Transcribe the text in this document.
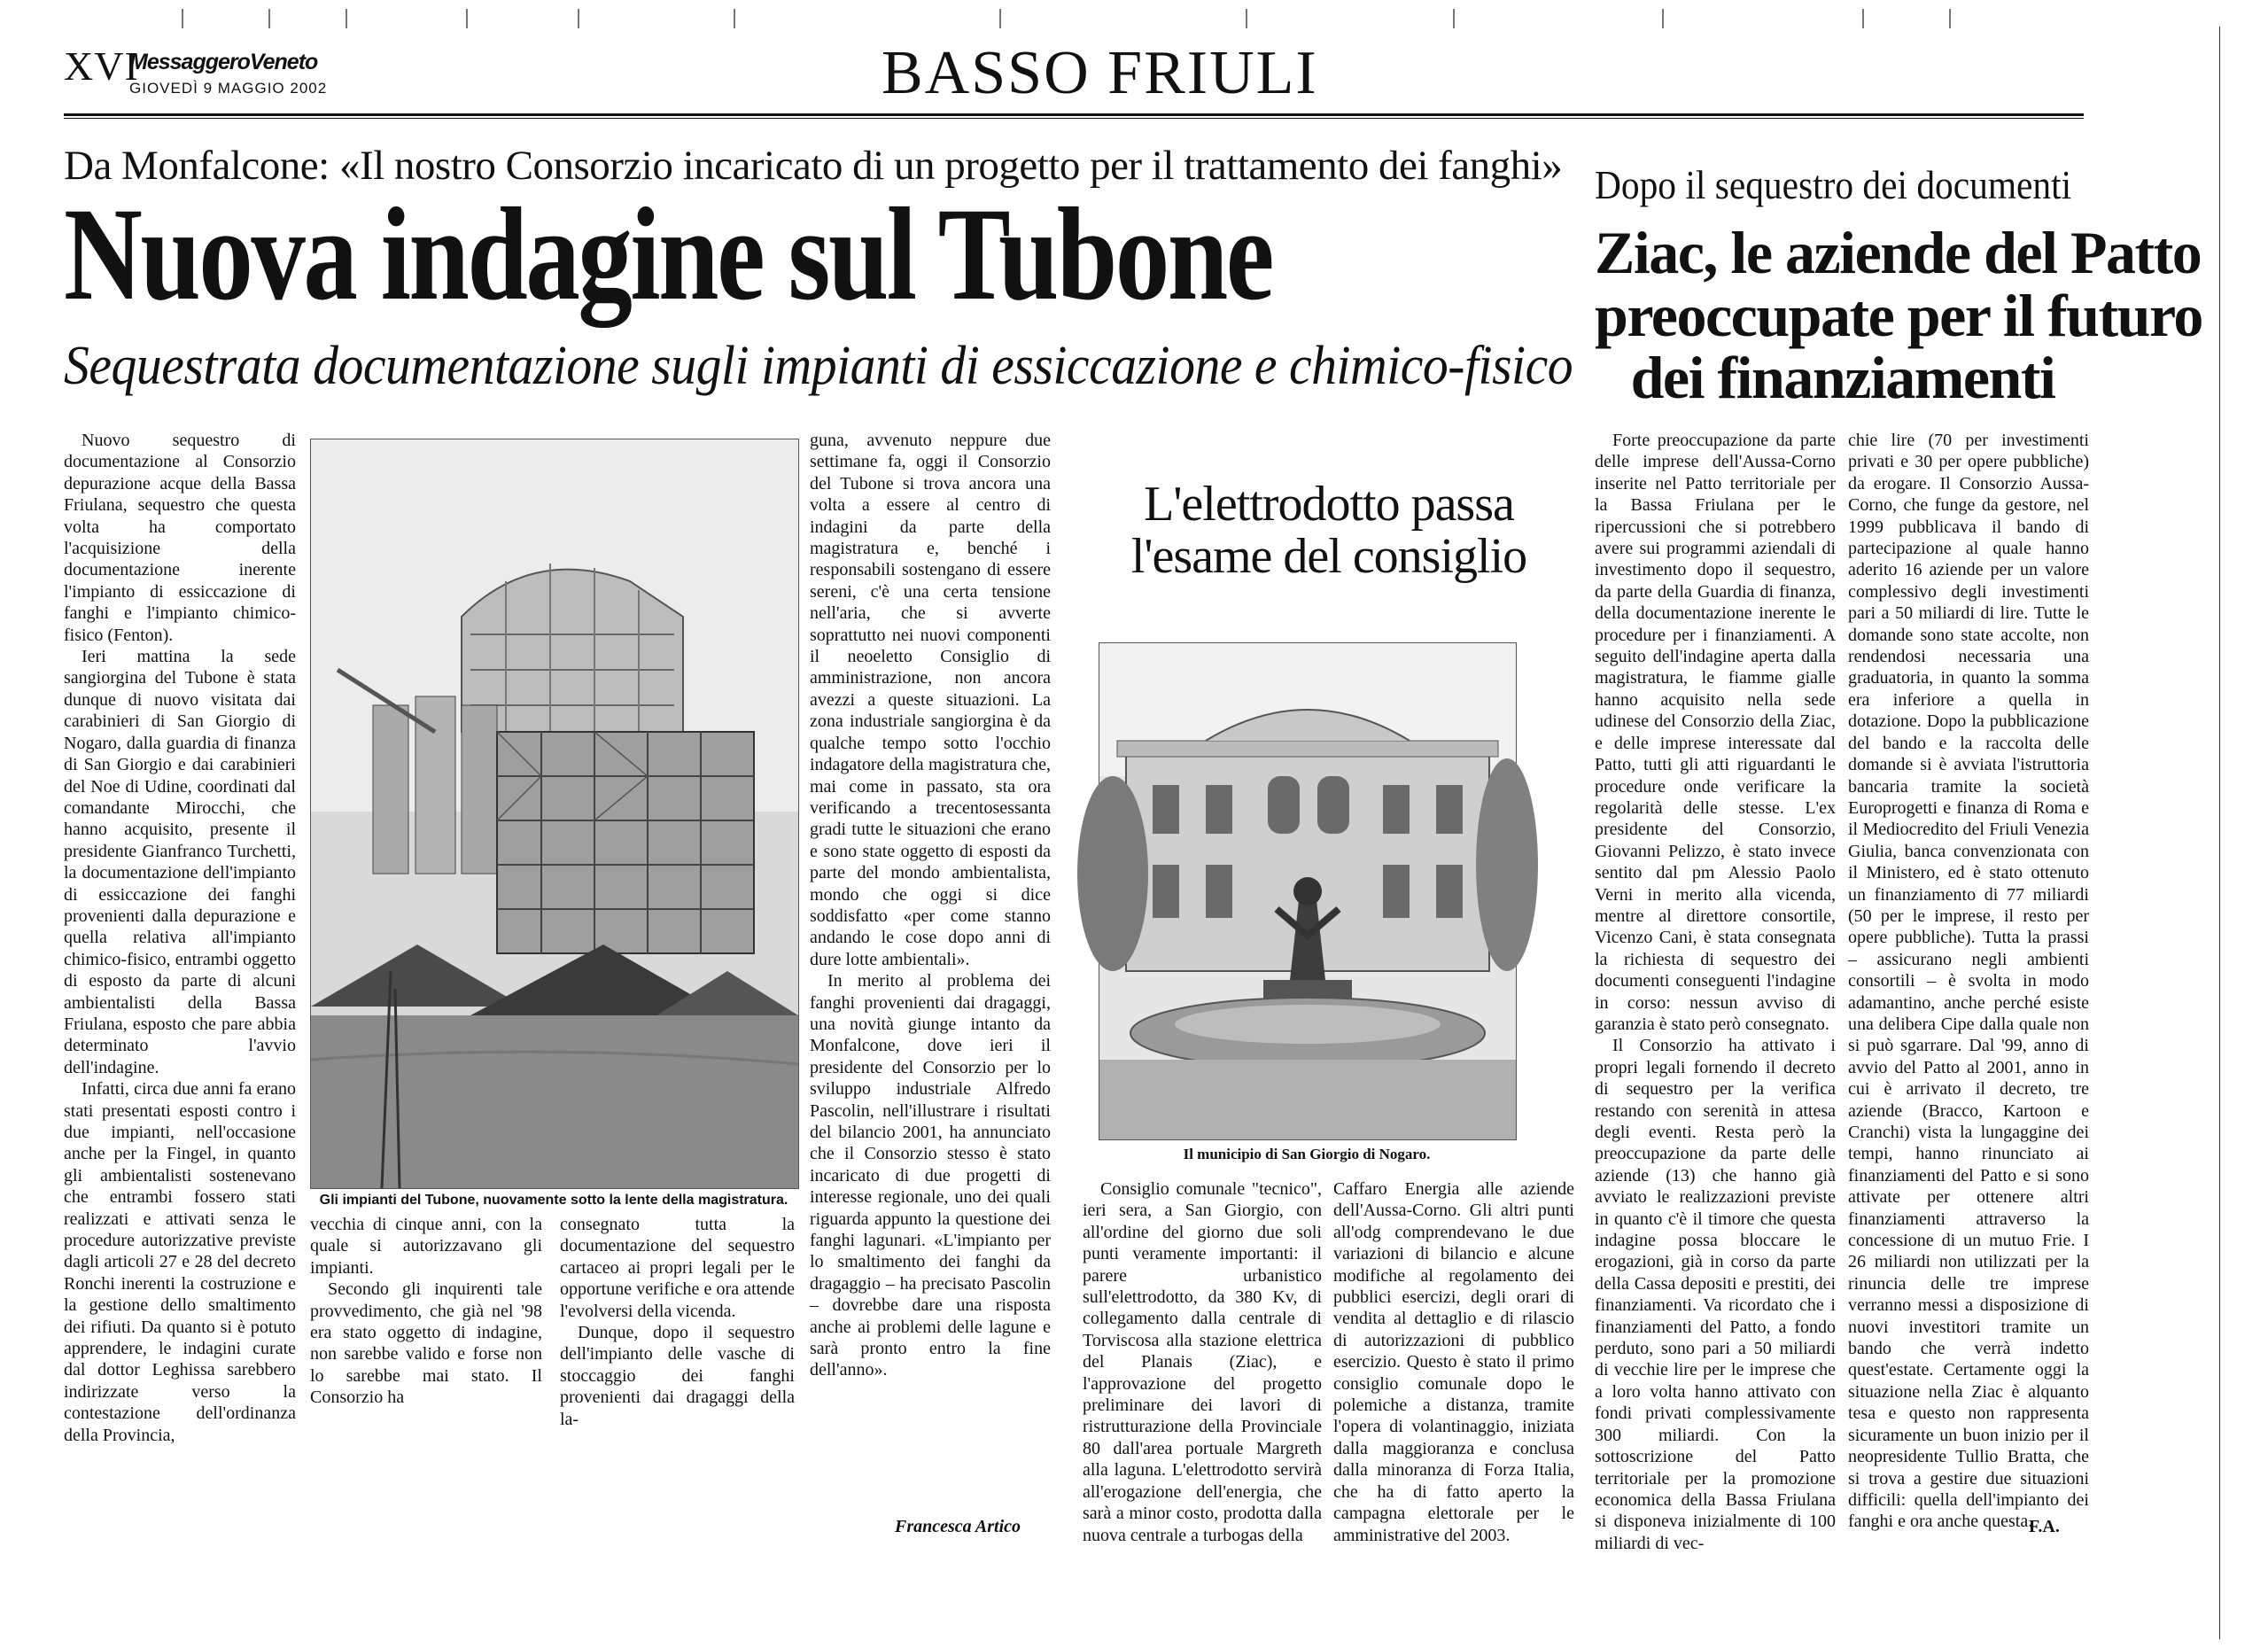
XVI
MessaggeroVeneto
GIOVEDÌ 9 MAGGIO 2002	BASSO FRIULI
Da Monfalcone: «Il nostro Consorzio incaricato di un progetto per il trattamento dei fanghi»
Nuova indagine sul Tubone
Sequestrata documentazione sugli impianti di essiccazione e chimico-fisico
Dopo il sequestro dei documenti
Ziac, le aziende del Patto
preoccupate per il futuro
dei finanziamenti

Nuovo sequestro di documentazione al Consorzio depurazione acque della Bassa Friulana, sequestro che questa volta ha comportato l'acquisizione della documentazione inerente l'impianto di essiccazione di fanghi e l'impianto chimico- fisico (Fenton).

Ieri mattina la sede sangiorgina del Tubone è stata dunque di nuovo visitata dai carabinieri di San Giorgio di Nogaro, dalla guardia di finanza di San Giorgio e dai carabinieri del Noe di Udine, coordinati dal comandante Mirocchi, che hanno acquisito, presente il presidente Gianfranco Turchetti, la documentazione dell'impianto di essiccazione dei fanghi provenienti dalla depurazione e quella relativa all'impianto chimico-fisico, entrambi oggetto di esposto da parte di alcuni ambientalisti della Bassa Friulana, esposto che pare abbia determinato l'avvio dell'indagine.

Infatti, circa due anni fa erano stati presentati esposti contro i due impianti, nell'occasione anche per la Fingel, in quanto gli ambientalisti sostenevano che entrambi fossero stati realizzati e attivati senza le procedure autorizzative previste dagli articoli 27 e 28 del decreto Ronchi inerenti la costruzione e la gestione dello smaltimento dei rifiuti. Da quanto si è potuto apprendere, le indagini curate dal dottor Leghissa sarebbero indirizzate verso la contestazione dell'ordinanza della Provincia,

Gli impianti del Tubone, nuovamente sotto la lente della magistratura.

vecchia di cinque anni, con la quale si autorizzavano gli impianti.

Secondo gli inquirenti tale provvedimento, che già nel '98 era stato oggetto di indagine, non sarebbe valido e forse non lo sarebbe mai stato. Il Consorzio ha

consegnato tutta la documentazione del sequestro cartaceo ai propri legali per le opportune verifiche e ora attende l'evolversi della vicenda.

Dunque, dopo il sequestro dell'impianto delle vasche di stoccaggio dei fanghi provenienti dai dragaggi della la-

guna, avvenuto neppure due settimane fa, oggi il Consorzio del Tubone si trova ancora una volta a essere al centro di indagini da parte della magistratura e, benché i responsabili sostengano di essere sereni, c'è una certa tensione nell'aria, che si avverte soprattutto nei nuovi componenti il neoeletto Consiglio di amministrazione, non ancora avezzi a queste situazioni. La zona industriale sangiorgina è da qualche tempo sotto l'occhio indagatore della magistratura che, mai come in passato, sta ora verificando a trecentosessanta gradi tutte le situazioni che erano e sono state oggetto di esposti da parte del mondo ambientalista, mondo che oggi si dice soddisfatto «per come stanno andando le cose dopo anni di dure lotte ambientali».

In merito al problema dei fanghi provenienti dai dragaggi, una novità giunge intanto da Monfalcone, dove ieri il presidente del Consorzio per lo sviluppo industriale Alfredo Pascolin, nell'illustrare i risultati del bilancio 2001, ha annunciato che il Consorzio stesso è stato incaricato di due progetti di interesse regionale, uno dei quali riguarda appunto la questione dei fanghi lagunari. «L'impianto per lo smaltimento dei fanghi da dragaggio – ha precisato Pascolin – dovrebbe dare una risposta anche ai problemi delle lagune e sarà pronto entro la fine dell'anno».

Francesca Artico
L'elettrodotto passa
l'esame del consiglio
Il municipio di San Giorgio di Nogaro.

Consiglio comunale "tecnico", ieri sera, a San Giorgio, con all'ordine del giorno due soli punti veramente importanti: il parere urbanistico sull'elettrodotto, da 380 Kv, di collegamento dalla centrale di Torviscosa alla stazione elettrica del Planais (Ziac), e l'approvazione del progetto preliminare dei lavori di ristrutturazione della Provinciale 80 dall'area portuale Margreth alla laguna. L'elettrodotto servirà all'erogazione dell'energia, che sarà a minor costo, prodotta dalla nuova centrale a turbogas della

Caffaro Energia alle aziende dell'Aussa-Corno. Gli altri punti all'odg comprendevano le due variazioni di bilancio e alcune modifiche al regolamento dei pubblici esercizi, degli orari di vendita al dettaglio e di rilascio di autorizzazioni di pubblico esercizio. Questo è stato il primo consiglio comunale dopo le polemiche a distanza, tramite l'opera di volantinaggio, iniziata dalla maggioranza e conclusa dalla minoranza di Forza Italia, che ha di fatto aperto la campagna elettorale per le amministrative del 2003.

Forte preoccupazione da parte delle imprese dell'Aussa-Corno inserite nel Patto territoriale per la Bassa Friulana per le ripercussioni che si potrebbero avere sui programmi aziendali di investimento dopo il sequestro, da parte della Guardia di finanza, della documentazione inerente le procedure per i finanziamenti. A seguito dell'indagine aperta dalla magistratura, le fiamme gialle hanno acquisito nella sede udinese del Consorzio della Ziac, e delle imprese interessate dal Patto, tutti gli atti riguardanti le procedure onde verificare la regolarità delle stesse. L'ex presidente del Consorzio, Giovanni Pelizzo, è stato invece sentito dal pm Alessio Paolo Verni in merito alla vicenda, mentre al direttore consortile, Vicenzo Cani, è stata consegnata la richiesta di sequestro dei documenti conseguenti l'indagine in corso: nessun avviso di garanzia è stato però consegnato.

Il Consorzio ha attivato i propri legali fornendo il decreto di sequestro per la verifica restando con serenità in attesa degli eventi. Resta però la preoccupazione da parte delle aziende (13) che hanno già avviato le realizzazioni previste in quanto c'è il timore che questa indagine possa bloccare le erogazioni, già in corso da parte della Cassa depositi e prestiti, dei finanziamenti. Va ricordato che i finanziamenti del Patto, a fondo perduto, sono pari a 50 miliardi di vecchie lire per le imprese che a loro volta hanno attivato con fondi privati complessivamente 300 miliardi. Con la sottoscrizione del Patto territoriale per la promozione economica della Bassa Friulana si disponeva inizialmente di 100 miliardi di vec-

chie lire (70 per investimenti privati e 30 per opere pubbliche) da erogare. Il Consorzio Aussa-Corno, che funge da gestore, nel 1999 pubblicava il bando di partecipazione al quale hanno aderito 16 aziende per un valore complessivo degli investimenti pari a 50 miliardi di lire. Tutte le domande sono state accolte, non rendendosi necessaria una graduatoria, in quanto la somma era inferiore a quella in dotazione. Dopo la pubblicazione del bando e la raccolta delle domande si è avviata l'istruttoria bancaria tramite la società Europrogetti e finanza di Roma e il Mediocredito del Friuli Venezia Giulia, banca convenzionata con il Ministero, ed è stato ottenuto un finanziamento di 77 miliardi (50 per le imprese, il resto per opere pubbliche). Tutta la prassi – assicurano negli ambienti consortili – è svolta in modo adamantino, anche perché esiste una delibera Cipe dalla quale non si può sgarrare. Dal '99, anno di avvio del Patto al 2001, anno in cui è arrivato il decreto, tre aziende (Bracco, Kartoon e Cranchi) vista la lungaggine dei tempi, hanno rinunciato ai finanziamenti del Patto e si sono attivate per ottenere altri finanziamenti attraverso la concessione di un mutuo Frie. I 26 miliardi non utilizzati per la rinuncia delle tre imprese verranno messi a disposizione di nuovi investitori tramite un bando che verrà indetto quest'estate. Certamente oggi la situazione nella Ziac è alquanto tesa e questo non rappresenta sicuramente un buon inizio per il neopresidente Tullio Bratta, che si trova a gestire due situazioni difficili: quella dell'impianto dei fanghi e ora anche questa.

F.A.
